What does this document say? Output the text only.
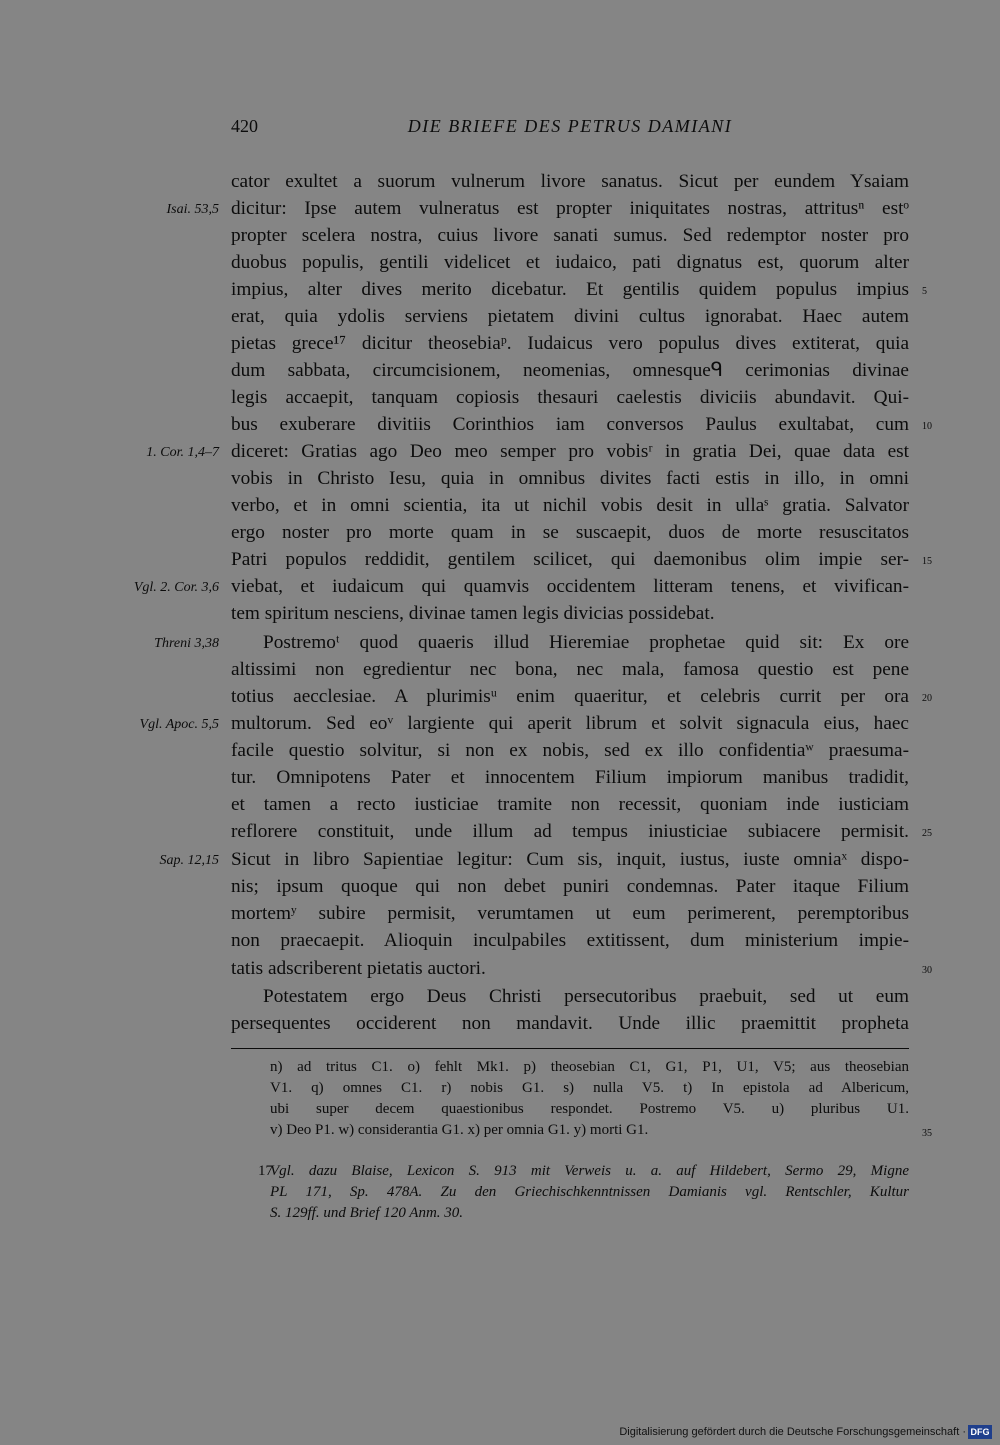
420	DIE BRIEFE DES PETRUS DAMIANI
cator exultet a suorum vulnerum livore sanatus. Sicut per eundem Ysaiam
dicitur: Ipse autem vulneratus est propter iniquitates nostras, attritusⁿ estᵒ
propter scelera nostra, cuius livore sanati sumus. Sed redemptor noster pro
duobus populis, gentili videlicet et iudaico, pati dignatus est, quorum alter
impius, alter dives merito dicebatur. Et gentilis quidem populus impius
erat, quia ydolis serviens pietatem divini cultus ignorabat. Haec autem
pietas grece¹⁷ dicitur theosebiaᵖ. Iudaicus vero populus dives extiterat, quia
dum sabbata, circumcisionem, neomenias, omnesqueᑫ cerimonias divinae
legis accaepit, tanquam copiosis thesauri caelestis diviciis abundavit. Qui-
bus exuberare divitiis Corinthios iam conversos Paulus exultabat, cum
diceret: Gratias ago Deo meo semper pro vobisʳ in gratia Dei, quae data est
vobis in Christo Iesu, quia in omnibus divites facti estis in illo, in omni
verbo, et in omni scientia, ita ut nichil vobis desit in ullaˢ gratia. Salvator
ergo noster pro morte quam in se suscaepit, duos de morte resuscitatos
Patri populos reddidit, gentilem scilicet, qui daemonibus olim impie ser-
viebat, et iudaicum qui quamvis occidentem litteram tenens, et vivifican-
tem spiritum nesciens, divinae tamen legis divicias possidebat.
Postremoᵗ quod quaeris illud Hieremiae prophetae quid sit: Ex ore
altissimi non egredientur nec bona, nec mala, famosa questio est pene
totius aecclesiae. A plurimisᵘ enim quaeritur, et celebris currit per ora
multorum. Sed eoᵛ largiente qui aperit librum et solvit signacula eius, haec
facile questio solvitur, si non ex nobis, sed ex illo confidentiaʷ praesuma-
tur. Omnipotens Pater et innocentem Filium impiorum manibus tradidit,
et tamen a recto iusticiae tramite non recessit, quoniam inde iusticiam
reflorere constituit, unde illum ad tempus iniusticiae subiacere permisit.
Sicut in libro Sapientiae legitur: Cum sis, inquit, iustus, iuste omniaˣ dispo-
nis; ipsum quoque qui non debet puniri condemnas. Pater itaque Filium
mortemʸ subire permisit, verumtamen ut eum perimerent, peremptoribus
non praecaepit. Alioquin inculpabiles extitissent, dum ministerium impie-
tatis adscriberent pietatis auctori.
Potestatem ergo Deus Christi persecutoribus praebuit, sed ut eum
persequentes occiderent non mandavit. Unde illic praemittit propheta
Isai. 53,5
1. Cor. 1,4–7
Vgl. 2. Cor. 3,6
Threni 3,38
Vgl. Apoc. 5,5
Sap. 12,15
5
10
15
20
25
30
35
n) ad tritus C1. o) fehlt Mk1. p) theosebian C1, G1, P1, U1, V5; aus theosebian
V1. q) omnes C1. r) nobis G1. s) nulla V5. t) In epistola ad Albericum,
ubi super decem quaestionibus respondet. Postremo V5. u) pluribus U1.
v) Deo P1. w) considerantia G1. x) per omnia G1. y) morti G1.
17
Vgl. dazu Blaise, Lexicon S. 913 mit Verweis u. a. auf Hildebert, Sermo 29, Migne
PL 171, Sp. 478A. Zu den Griechischkenntnissen Damianis vgl. Rentschler, Kultur
S. 129ff. und Brief 120 Anm. 30.
Digitalisierung gefördert durch die Deutsche Forschungsgemeinschaft · DFG
